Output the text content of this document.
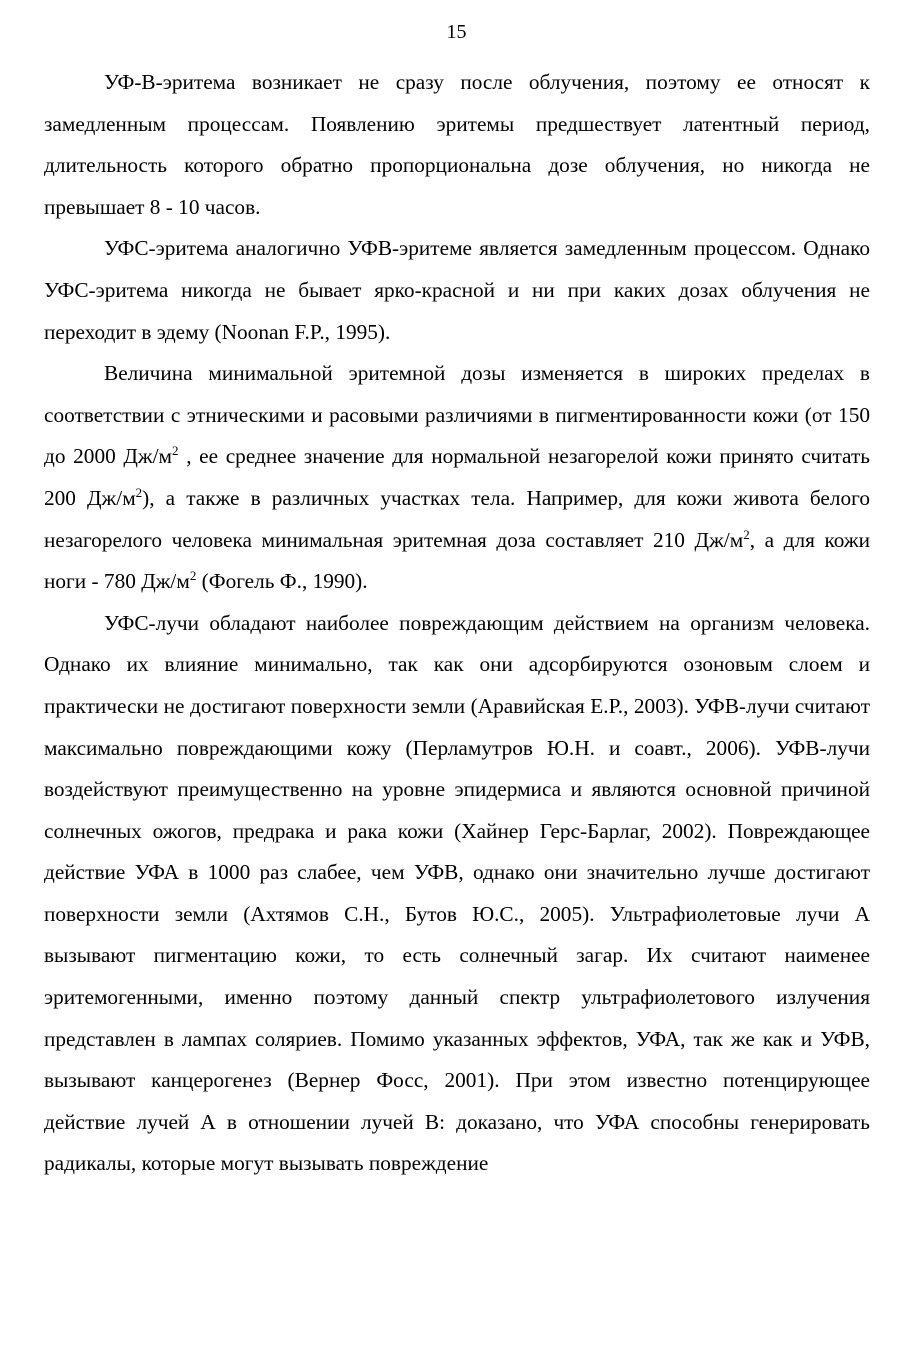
15

УФ-В-эритема возникает не сразу после облучения, поэтому ее относят к замедленным процессам. Появлению эритемы предшествует латентный период, длительность которого обратно пропорциональна дозе облучения, но никогда не превышает 8 - 10 часов.

УФС-эритема аналогично УФВ-эритеме является замедленным процессом. Однако УФС-эритема никогда не бывает ярко-красной и ни при каких дозах облучения не переходит в эдему (Noonan F.P., 1995).

Величина минимальной эритемной дозы изменяется в широких пределах в соответствии с этническими и расовыми различиями в пигментированности кожи (от 150 до 2000 $Дж/м^2$ , ее среднее значение для нормальной незагорелой кожи принято считать 200 $Дж/м^2$), а также в различных участках тела. Например, для кожи живота белого незагорелого человека минимальная эритемная доза составляет 210 $Дж/м^2$, а для кожи ноги - 780 $Дж/м^2$ (Фогель Ф., 1990).

УФС-лучи обладают наиболее повреждающим действием на организм человека. Однако их влияние минимально, так как они адсорбируются озоновым слоем и практически не достигают поверхности земли (Аравийская Е.Р., 2003). УФВ-лучи считают максимально повреждающими кожу (Перламутров Ю.Н. и соавт., 2006). УФВ-лучи воздействуют преимущественно на уровне эпидермиса и являются основной причиной солнечных ожогов, предрака и рака кожи (Хайнер Герс-Барлаг, 2002). Повреждающее действие УФА в 1000 раз слабее, чем УФВ, однако они значительно лучше достигают поверхности земли (Ахтямов С.Н., Бутов Ю.С., 2005). Ультрафиолетовые лучи А вызывают пигментацию кожи, то есть солнечный загар. Их считают наименее эритемогенными, именно поэтому данный спектр ультрафиолетового излучения представлен в лампах соляриев. Помимо указанных эффектов, УФА, так же как и УФВ, вызывают канцерогенез (Вернер Фосс, 2001). При этом известно потенцирующее действие лучей А в отношении лучей В: доказано, что УФА способны генерировать радикалы, которые могут вызывать повреждение
